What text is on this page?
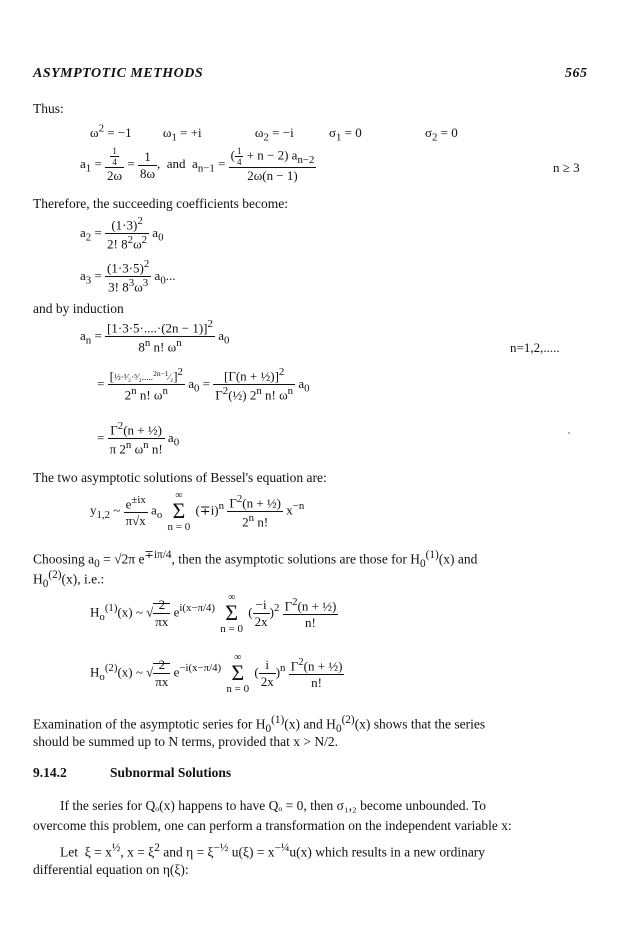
ASYMPTOTIC METHODS	565
Thus:
$\omega^2 = -1$ $\omega_1 = +i$	$\omega_2 = -i$	$\sigma_1 = 0$	$\sigma_2 = 0$
$a_1 = \frac{\frac{1}{4}}{2\omega} = \frac{1}{8\omega}$ ,  and  $a_{n-1} = \frac{( \frac{1}{4} + n - 2) a_{n-2}}{2\omega(n - 1)}$	n ≥ 3
Therefore, the succeeding coefficients become:
$a_2 = \frac{(1\cdot 3)^2}{2! 8^2\omega^2} a_0$
$a_3 = \frac{(1\cdot 3\cdot 5)^2}{3! 8^3\omega^3} a_0$...
and by induction
$a_n = \frac{[1\cdot 3\cdot 5\cdot....\cdot(2n - 1)]^2}{8^n n! \omega^n} a_0$	n=1,2,.....
= $\frac{[\frac{1}{2}\cdot^3⁄_2\cdot^5⁄_2.....^{2n-1}⁄_2]^2}{2^n n! \omega^n} a_0 = \frac{[\Gamma(n + \frac{1}{2})]^2}{\Gamma^2(\frac{1}{2}) 2^n n! \omega^n} a_0$
= $\frac{\Gamma^2(n + \frac{1}{2})}{\pi 2^n \omega^n n!} a_0$
The two asymptotic solutions of Bessel's equation are:
$y_{1,2}$ ~ $\frac{e^{\pm ix}}{\pi√x} a_o$
∞
Σ
n = 0
$(\mp i)^n \frac{\Gamma^2(n + \frac{1}{2})}{2^n n!} x^{-n}$
Choosing $a_0 = √2\pi$ $e^{\mp i\pi/4}$, then the asymptotic solutions are those for $H_0^{(1)}(x)$ and
$H_0^{(2)}(x)$, i.e.:
$H_o^{(1)}(x)$ ~ √ $\frac{2}{\pi x} e^{i(x-\pi/4)}$
∞
Σ
n = 0
( $\frac{-i}{2x} )^2 \frac{\Gamma^2(n + \frac{1}{2})}{n!}$
$H_o^{(2)}(x)$ ~ √ $\frac{2}{\pi x} e^{-i(x-\pi/4)}$
∞
Σ
n = 0
( $\frac{i}{2x} )^n \frac{\Gamma^2(n + \frac{1}{2})}{n!}$
Examination of the asymptotic series for $H_0^{(1)}(x)$ and $H_0^{(2)}(x)$ shows that the series
should be summed up to N terms, provided that x > N/2.
9.14.2	Subnormal Solutions
If the series for Qₒ(x) happens to have Qₒ = 0, then σ₁,₂ become unbounded. To
overcome this problem, one can perform a transformation on the independent variable x:
Let  $\xi = x^{\frac{1}{2}}$, $x = \xi^2$ and $\eta = \xi^{-\frac{1}{2}}$ $u(\xi) = x^{-\frac{1}{4}}u(x)$ which results in a new ordinary
differential equation on η(ξ):
